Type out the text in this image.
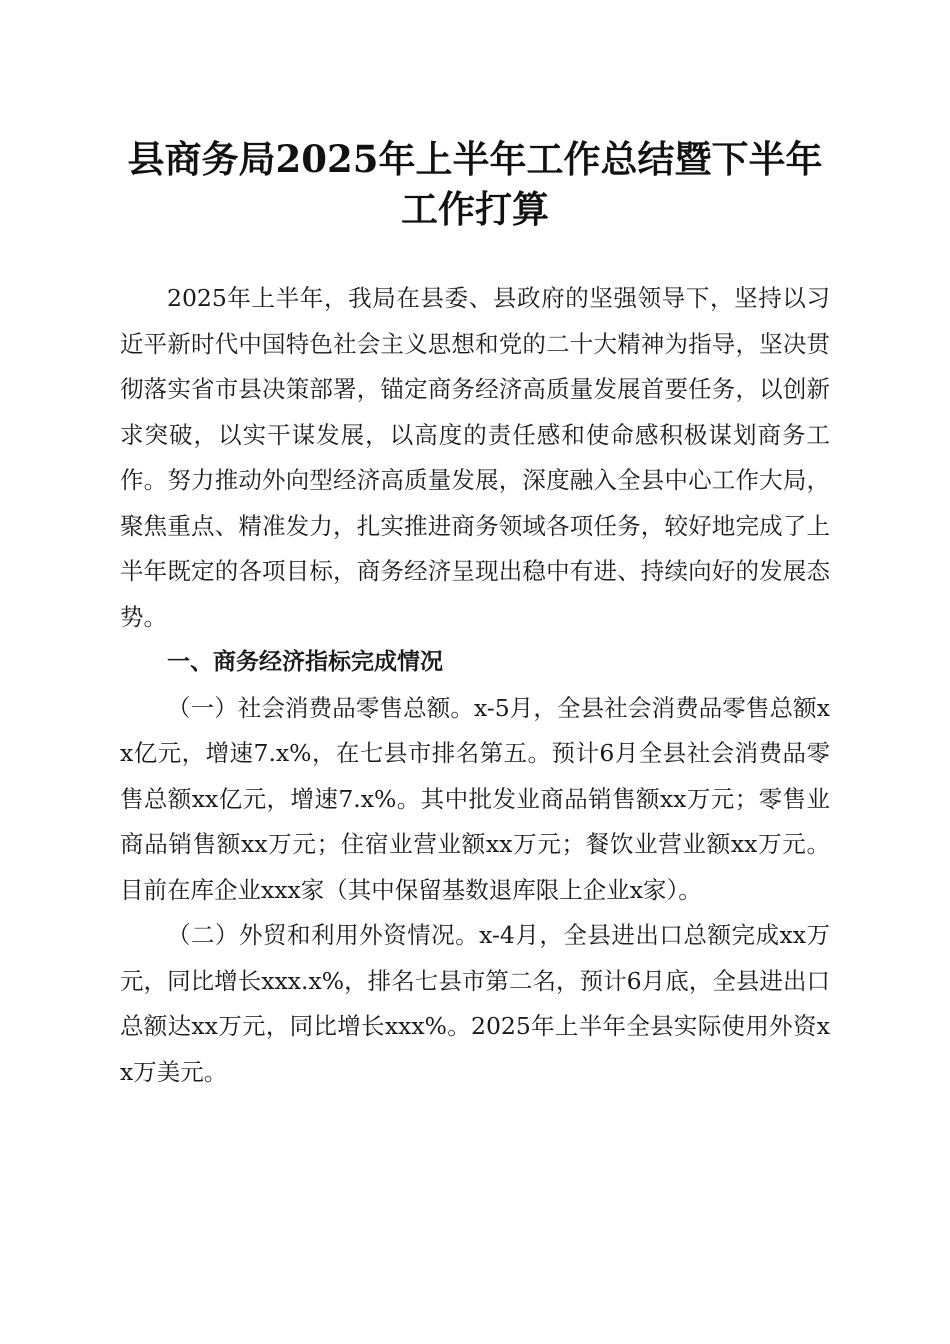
县商务局2025年上半年工作总结暨下半年工作打算

2025年上半年，我局在县委、县政府的坚强领导下，坚持以习近平新时代中国特色社会主义思想和党的二十大精神为指导，坚决贯彻落实省市县决策部署，锚定商务经济高质量发展首要任务，以创新求突破，以实干谋发展，以高度的责任感和使命感积极谋划商务工作。努力推动外向型经济高质量发展，深度融入全县中心工作大局，聚焦重点、精准发力，扎实推进商务领域各项任务，较好地完成了上半年既定的各项目标，商务经济呈现出稳中有进、持续向好的发展态势。

一、商务经济指标完成情况

（一）社会消费品零售总额。x-5月，全县社会消费品零售总额xx亿元，增速7.x%，在七县市排名第五。预计6月全县社会消费品零售总额xx亿元，增速7.x%。其中批发业商品销售额xx万元；零售业商品销售额xx万元；住宿业营业额xx万元；餐饮业营业额xx万元。目前在库企业xxx家（其中保留基数退库限上企业x家）。

（二）外贸和利用外资情况。x-4月，全县进出口总额完成xx万元，同比增长xxx.x%，排名七县市第二名，预计6月底，全县进出口总额达xx万元，同比增长xxx%。2025年上半年全县实际使用外资xx万美元。
